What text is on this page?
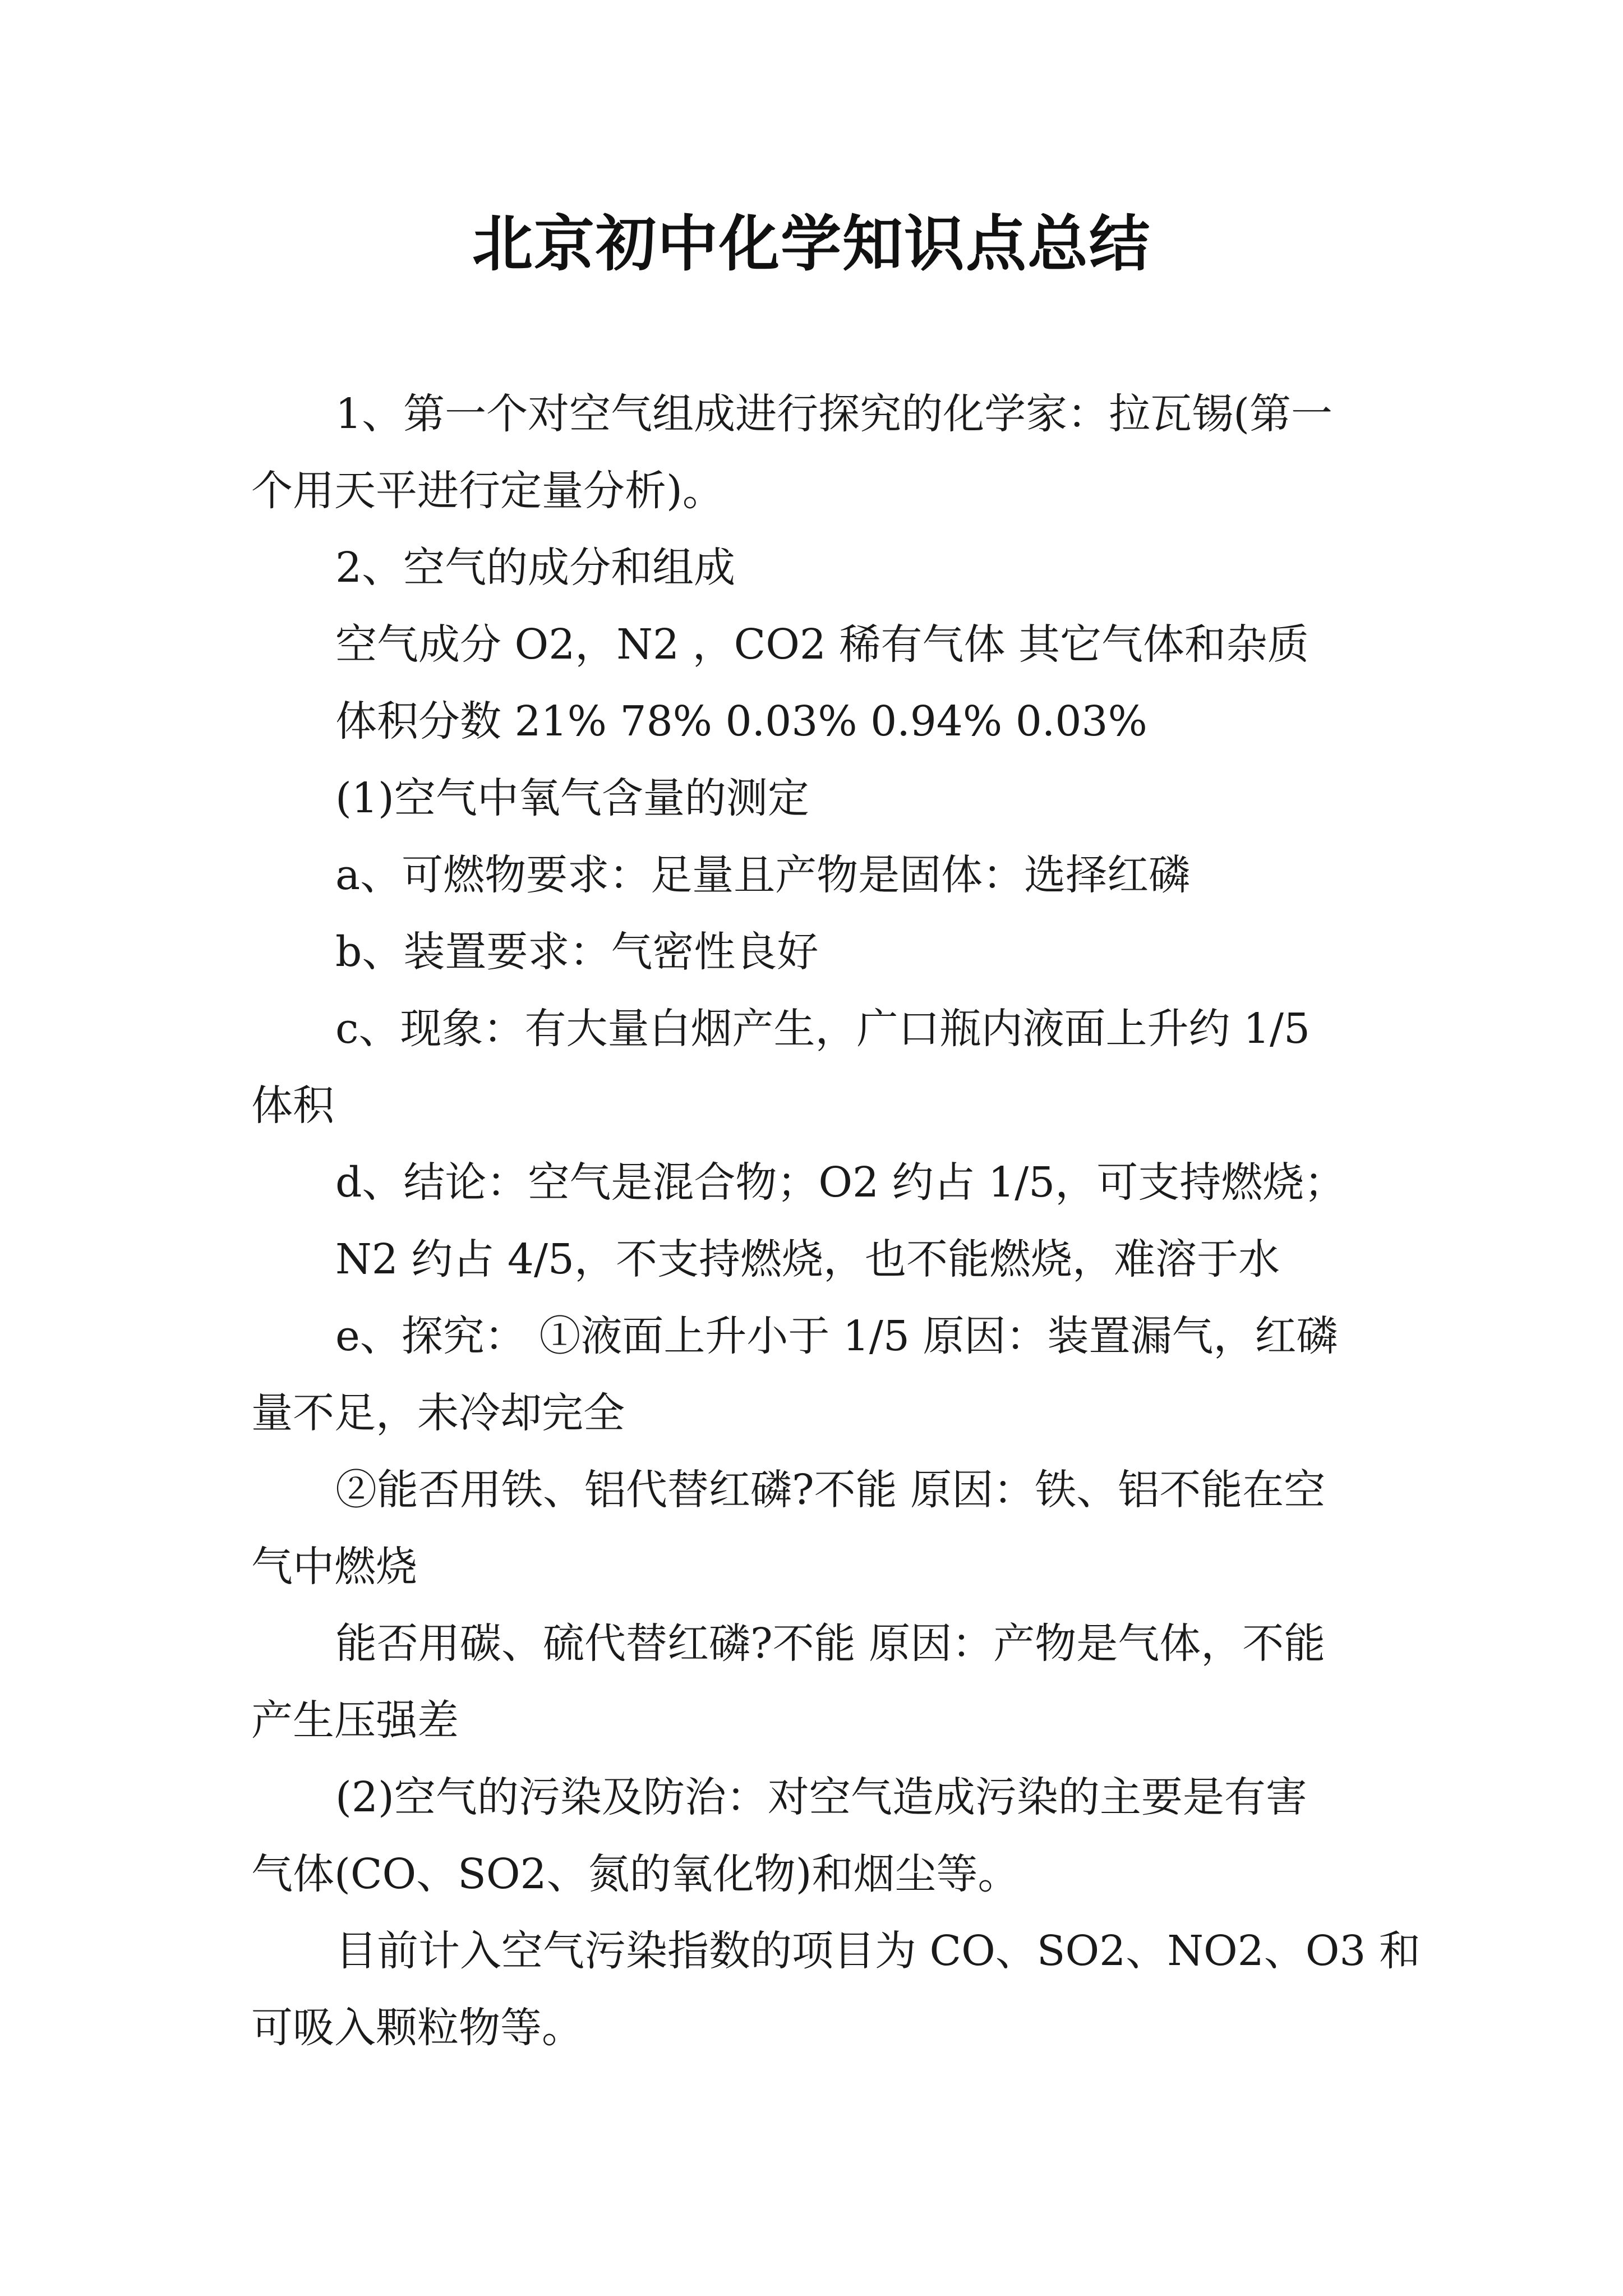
北京初中化学知识点总结

1、第一个对空气组成进行探究的化学家：拉瓦锡(第一

个用天平进行定量分析)。

2、空气的成分和组成

空气成分 O2，N2 ，CO2 稀有气体 其它气体和杂质

体积分数 21% 78% 0.03% 0.94% 0.03%

(1)空气中氧气含量的测定

a、可燃物要求：足量且产物是固体：选择红磷

b、装置要求：气密性良好

c、现象：有大量白烟产生，广口瓶内液面上升约 1/5

体积

d、结论：空气是混合物；O2 约占 1/5，可支持燃烧；

N2 约占 4/5，不支持燃烧，也不能燃烧，难溶于水

e、探究： ①液面上升小于 1/5 原因：装置漏气，红磷

量不足，未冷却完全

②能否用铁、铝代替红磷?不能 原因：铁、铝不能在空

气中燃烧

能否用碳、硫代替红磷?不能 原因：产物是气体，不能

产生压强差

(2)空气的污染及防治：对空气造成污染的主要是有害

气体(CO、SO2、氮的氧化物)和烟尘等。

目前计入空气污染指数的项目为 CO、SO2、NO2、O3 和

可吸入颗粒物等。
